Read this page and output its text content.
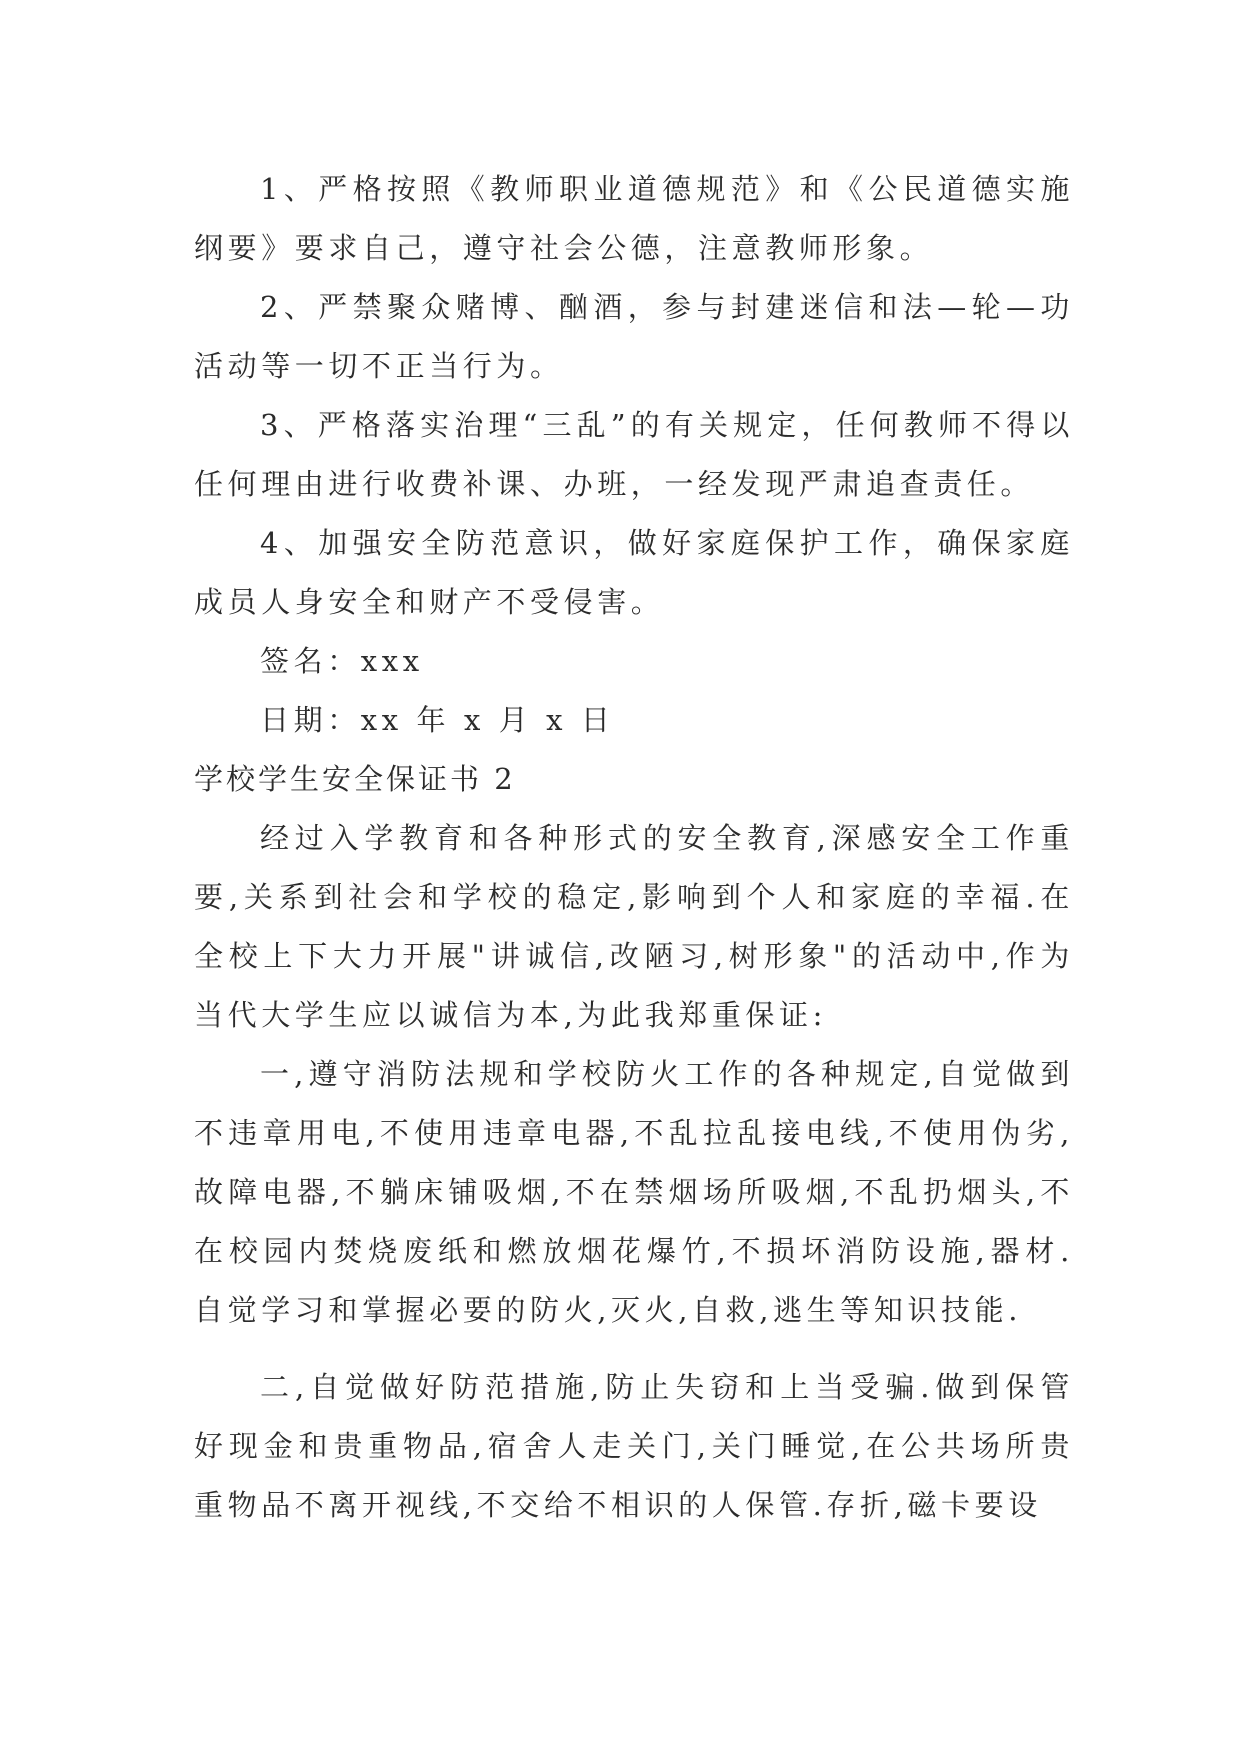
1、严格按照《教师职业道德规范》和《公民道德实施纲要》要求自己，遵守社会公德，注意教师形象。

2、严禁聚众赌博、酗酒，参与封建迷信和法—轮—功活动等一切不正当行为。

3、严格落实治理“三乱”的有关规定，任何教师不得以任何理由进行收费补课、办班，一经发现严肃追查责任。

4、加强安全防范意识，做好家庭保护工作，确保家庭成员人身安全和财产不受侵害。

签名：xxx

日期：xx 年 x 月 x 日

学校学生安全保证书 2

经过入学教育和各种形式的安全教育,深感安全工作重要,关系到社会和学校的稳定,影响到个人和家庭的幸福.在全校上下大力开展"讲诚信,改陋习,树形象"的活动中,作为当代大学生应以诚信为本,为此我郑重保证:

一,遵守消防法规和学校防火工作的各种规定,自觉做到不违章用电,不使用违章电器,不乱拉乱接电线,不使用伪劣,故障电器,不躺床铺吸烟,不在禁烟场所吸烟,不乱扔烟头,不在校园内焚烧废纸和燃放烟花爆竹,不损坏消防设施,器材.自觉学习和掌握必要的防火,灭火,自救,逃生等知识技能.

二,自觉做好防范措施,防止失窃和上当受骗.做到保管好现金和贵重物品,宿舍人走关门,关门睡觉,在公共场所贵重物品不离开视线,不交给不相识的人保管.存折,磁卡要设
